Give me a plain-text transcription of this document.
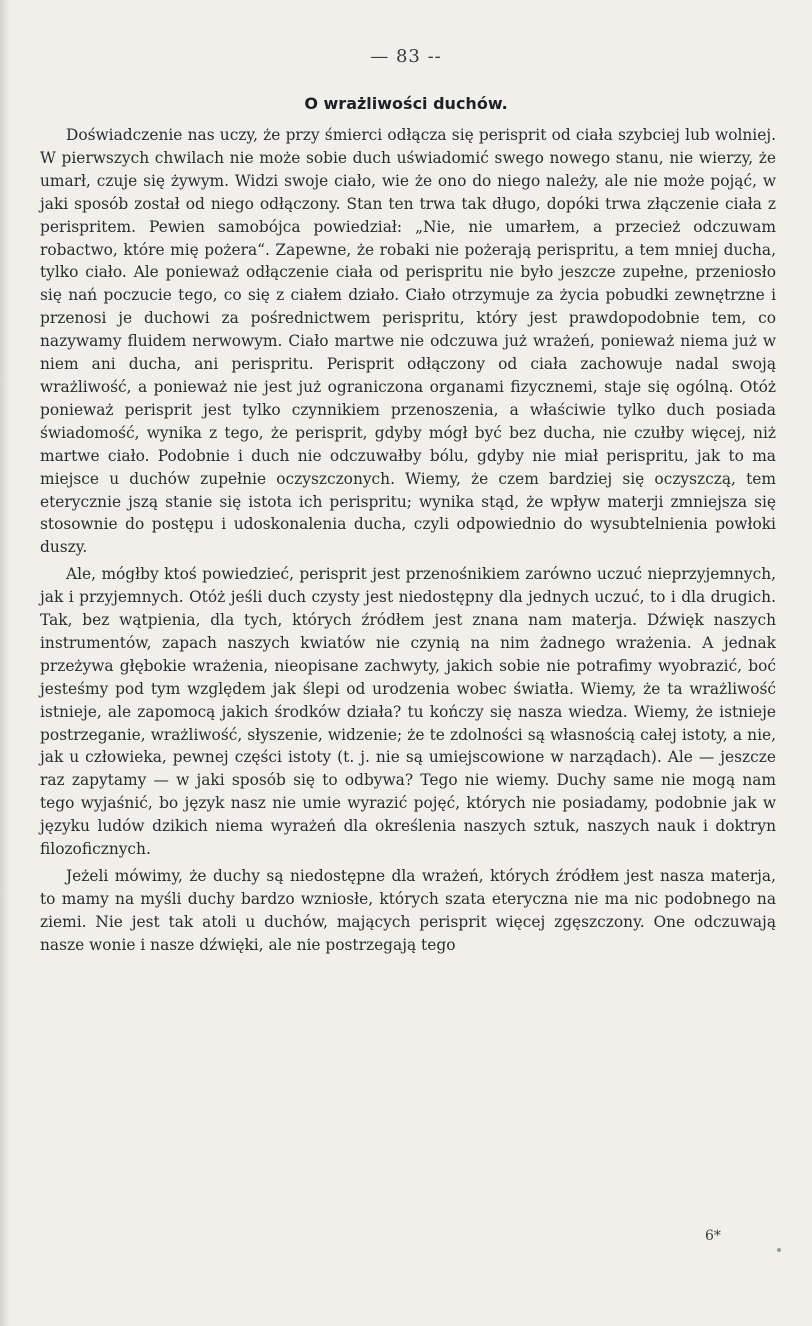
— 83 --
O wrażliwości duchów.

Doświadczenie nas uczy, że przy śmierci odłącza się perisprit od ciała szybciej lub wolniej. W pierwszych chwilach nie może sobie duch uświadomić swego nowego stanu, nie wierzy, że umarł, czuje się żywym. Widzi swoje ciało, wie że ono do niego należy, ale nie może pojąć, w jaki sposób został od niego odłączony. Stan ten trwa tak długo, dopóki trwa złączenie ciała z perispritem. Pewien samobójca powiedział: „Nie, nie umarłem, a przecież odczuwam robactwo, które mię pożera“. Zapewne, że robaki nie pożerają perispritu, a tem mniej ducha, tylko ciało. Ale ponieważ odłączenie ciała od perispritu nie było jeszcze zupełne, przeniosło się nań poczucie tego, co się z ciałem działo. Ciało otrzymuje za życia pobudki zewnętrzne i przenosi je duchowi za pośrednictwem perispritu, który jest prawdopodobnie tem, co nazywamy fluidem nerwowym. Ciało martwe nie odczuwa już wrażeń, ponieważ niema już w niem ani ducha, ani perispritu. Perisprit odłączony od ciała zachowuje nadal swoją wrażliwość, a ponieważ nie jest już ograniczona organami fizycznemi, staje się ogólną. Otóż ponieważ perisprit jest tylko czynnikiem przenoszenia, a właściwie tylko duch posiada świadomość, wynika z tego, że perisprit, gdyby mógł być bez ducha, nie czułby więcej, niż martwe ciało. Podobnie i duch nie odczuwałby bólu, gdyby nie miał perispritu, jak to ma miejsce u duchów zupełnie oczyszczonych. Wiemy, że czem bardziej się oczyszczą, tem eterycznie jszą stanie się istota ich perispritu; wynika stąd, że wpływ materji zmniejsza się stosownie do postępu i udoskonalenia ducha, czyli odpowiednio do wysubtelnienia powłoki duszy.

Ale, mógłby ktoś powiedzieć, perisprit jest przenośnikiem zarówno uczuć nieprzyjemnych, jak i przyjemnych. Otóż jeśli duch czysty jest niedostępny dla jednych uczuć, to i dla drugich. Tak, bez wątpienia, dla tych, których źródłem jest znana nam materja. Dźwięk naszych instrumentów, zapach naszych kwiatów nie czynią na nim żadnego wrażenia. A jednak przeżywa głębokie wrażenia, nieopisane zachwyty, jakich sobie nie potrafimy wyobrazić, boć jesteśmy pod tym względem jak ślepi od urodzenia wobec światła. Wiemy, że ta wrażliwość istnieje, ale zapomocą jakich środków działa? tu kończy się nasza wiedza. Wiemy, że istnieje postrzeganie, wrażliwość, słyszenie, widzenie; że te zdolności są własnością całej istoty, a nie, jak u człowieka, pewnej części istoty (t. j. nie są umiejscowione w narządach). Ale — jeszcze raz zapytamy — w jaki sposób się to odbywa? Tego nie wiemy. Duchy same nie mogą nam tego wyjaśnić, bo język nasz nie umie wyrazić pojęć, których nie posiadamy, podobnie jak w języku ludów dzikich niema wyrażeń dla określenia naszych sztuk, naszych nauk i doktryn filozoficznych.

Jeżeli mówimy, że duchy są niedostępne dla wrażeń, których źródłem jest nasza materja, to mamy na myśli duchy bardzo wzniosłe, których szata eteryczna nie ma nic podobnego na ziemi. Nie jest tak atoli u duchów, mających perisprit więcej zgęszczony. One odczuwają nasze wonie i nasze dźwięki, ale nie postrzegają tego

6*
